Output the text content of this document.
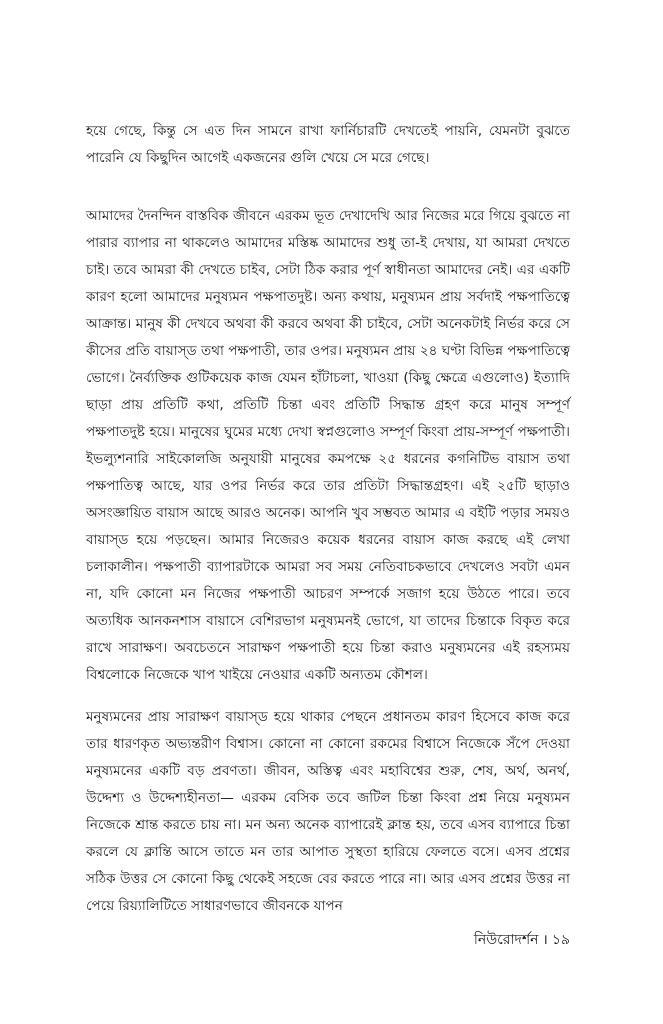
হয়ে গেছে, কিন্তু সে এত দিন সামনে রাখা ফার্নিচারটি দেখতেই পায়নি, যেমনটা বুঝতে পারেনি যে কিছুদিন আগেই একজনের গুলি খেয়ে সে মরে গেছে।

আমাদের দৈনন্দিন বাস্তবিক জীবনে এরকম ভূত দেখাদেখি আর নিজের মরে গিয়ে বুঝতে না পারার ব্যাপার না থাকলেও আমাদের মস্তিষ্ক আমাদের শুধু তা-ই দেখায়, যা আমরা দেখতে চাই। তবে আমরা কী দেখতে চাইব, সেটা ঠিক করার পূর্ণ স্বাধীনতা আমাদের নেই। এর একটি কারণ হলো আমাদের মনুষ্যমন পক্ষপাতদুষ্ট। অন্য কথায়, মনুষ্যমন প্রায় সর্বদাই পক্ষপাতিত্বে আক্রান্ত। মানুষ কী দেখবে অথবা কী করবে অথবা কী চাইবে, সেটা অনেকটাই নির্ভর করে সে কীসের প্রতি বায়াস্‌ড তথা পক্ষপাতী, তার ওপর। মনুষ্যমন প্রায় ২৪ ঘণ্টা বিভিন্ন পক্ষপাতিত্বে ভোগে। নৈর্ব্যক্তিক গুটিকয়েক কাজ যেমন হাঁটাচলা, খাওয়া (কিছু ক্ষেত্রে এগুলোও) ইত্যাদি ছাড়া প্রায় প্রতিটি কথা, প্রতিটি চিন্তা এবং প্রতিটি সিদ্ধান্ত গ্রহণ করে মানুষ সম্পূর্ণ পক্ষপাতদুষ্ট হয়ে। মানুষের ঘুমের মধ্যে দেখা স্বপ্নগুলোও সম্পূর্ণ কিংবা প্রায়-সম্পূর্ণ পক্ষপাতী। ইভল্যুশনারি সাইকোলজি অনুযায়ী মানুষের কমপক্ষে ২৫ ধরনের কগনিটিভ বায়াস তথা পক্ষপাতিত্ব আছে, যার ওপর নির্ভর করে তার প্রতিটা সিদ্ধান্তগ্রহণ। এই ২৫টি ছাড়াও অসংজ্ঞায়িত বায়াস আছে আরও অনেক। আপনি খুব সম্ভবত আমার এ বইটি পড়ার সময়ও বায়াস্‌ড হয়ে পড়ছেন। আমার নিজেরও কয়েক ধরনের বায়াস কাজ করছে এই লেখা চলাকালীন। পক্ষপাতী ব্যাপারটাকে আমরা সব সময় নেতিবাচকভাবে দেখলেও সবটা এমন না, যদি কোনো মন নিজের পক্ষপাতী আচরণ সম্পর্কে সজাগ হয়ে উঠতে পারে। তবে অত্যধিক আনকনশাস বায়াসে বেশিরভাগ মনুষ্যমনই ভোগে, যা তাদের চিন্তাকে বিকৃত করে রাখে সারাক্ষণ। অবচেতনে সারাক্ষণ পক্ষপাতী হয়ে চিন্তা করাও মনুষ্যমনের এই রহস্যময় বিশ্বলোকে নিজেকে খাপ খাইয়ে নেওয়ার একটি অন্যতম কৌশল।

মনুষ্যমনের প্রায় সারাক্ষণ বায়াস্‌ড হয়ে থাকার পেছনে প্রধানতম কারণ হিসেবে কাজ করে তার ধারণকৃত অভ্যন্তরীণ বিশ্বাস। কোনো না কোনো রকমের বিশ্বাসে নিজেকে সঁপে দেওয়া মনুষ্যমনের একটি বড় প্রবণতা। জীবন, অস্তিত্ব এবং মহাবিশ্বের শুরু, শেষ, অর্থ, অনর্থ, উদ্দেশ্য ও উদ্দেশ্যহীনতা— এরকম বেসিক তবে জটিল চিন্তা কিংবা প্রশ্ন নিয়ে মনুষ্যমন নিজেকে শ্রান্ত করতে চায় না। মন অন্য অনেক ব্যাপারেই ক্লান্ত হয়, তবে এসব ব্যাপারে চিন্তা করলে যে ক্লান্তি আসে তাতে মন তার আপাত সুস্থতা হারিয়ে ফেলতে বসে। এসব প্রশ্নের সঠিক উত্তর সে কোনো কিছু থেকেই সহজে বের করতে পারে না। আর এসব প্রশ্নের উত্তর না পেয়ে রিয়্যালিটিতে সাধারণভাবে জীবনকে যাপন

নিউরোদর্শন । ১৯
